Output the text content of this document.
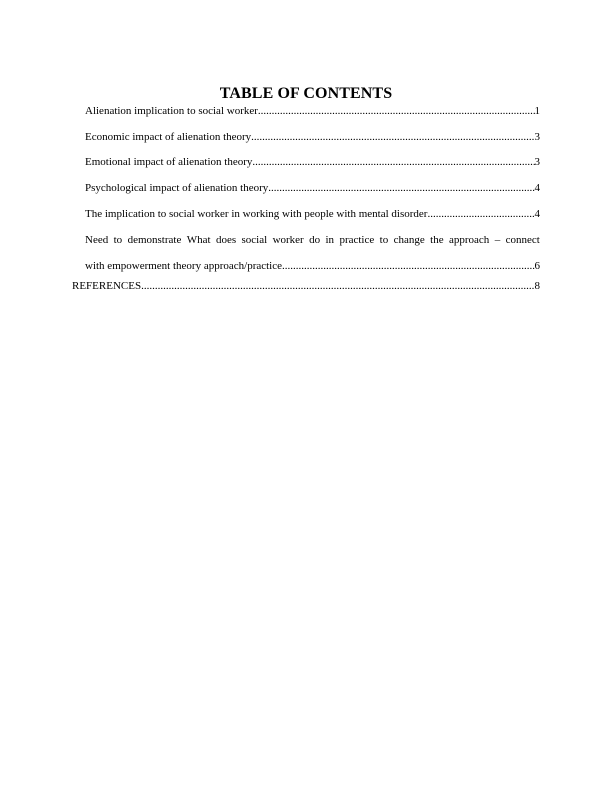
TABLE OF CONTENTS
Alienation implication to social worker .....	1
Economic impact of alienation theory .....	3
Emotional impact of alienation theory .....	3
Psychological impact of alienation theory .....	4
The implication to social worker in working with people with mental disorder .....	4
Need to demonstrate What does social worker do in practice to change the approach – connect
with empowerment theory approach/practice .....	6
REFERENCES .....	8
